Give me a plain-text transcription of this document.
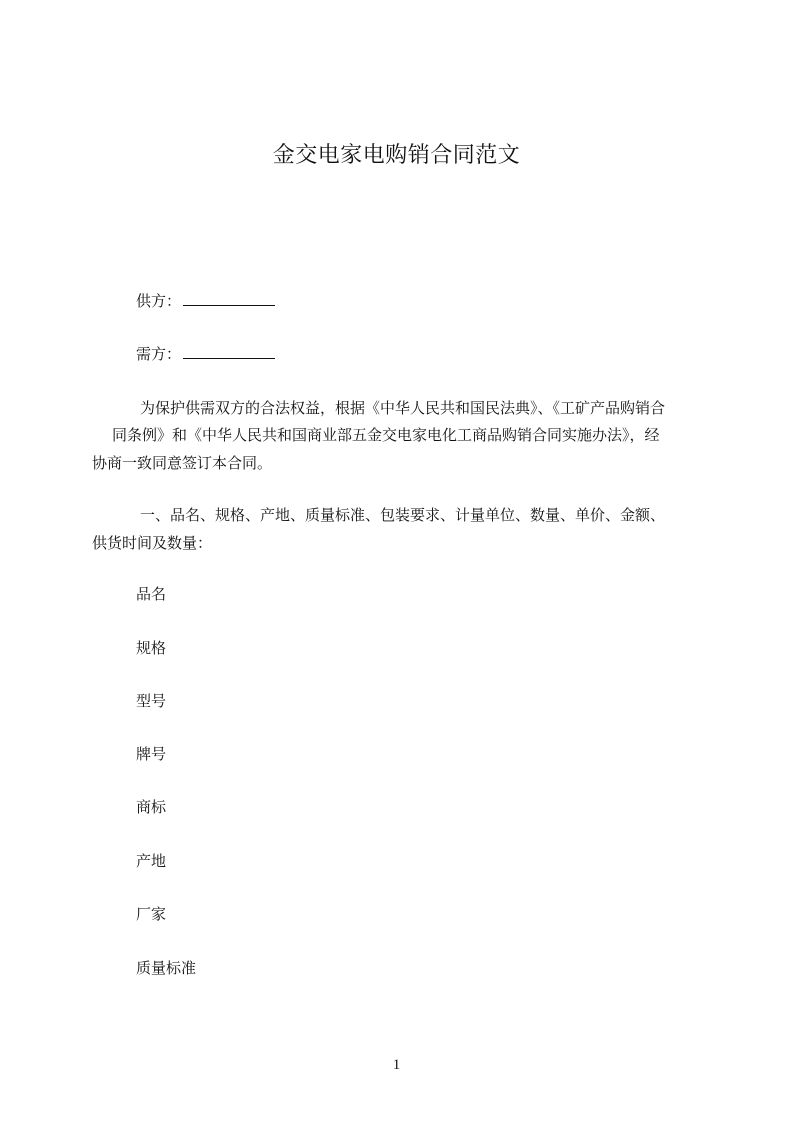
金交电家电购销合同范文
供方：
需方：
为保护供需双方的合法权益，根据《中华人民共和国民法典》、《工矿产品购销合
同条例》和《中华人民共和国商业部五金交电家电化工商品购销合同实施办法》，经
协商一致同意签订本合同。
一、品名、规格、产地、质量标准、包装要求、计量单位、数量、单价、金额、
供货时间及数量：
品名
规格
型号
牌号
商标
产地
厂家
质量标准
1
